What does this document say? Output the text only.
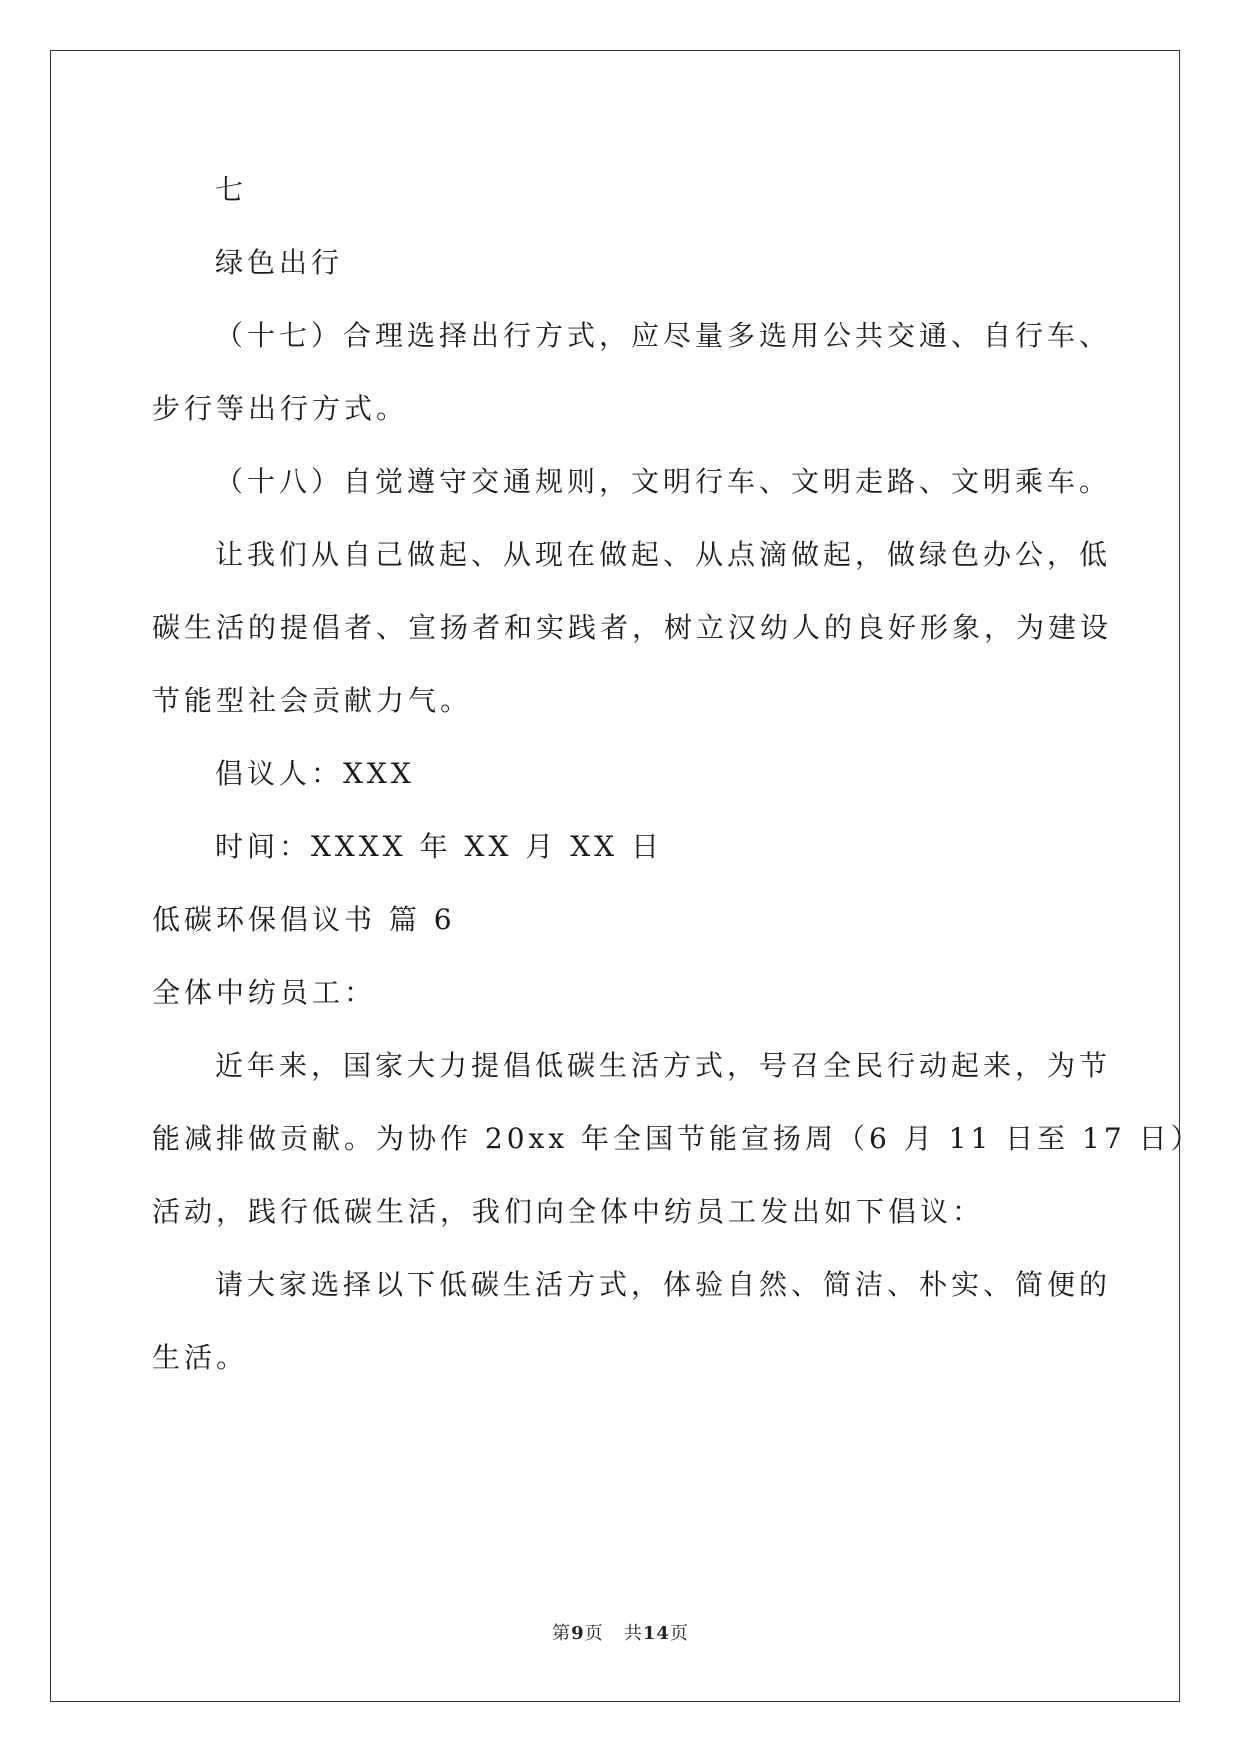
七
绿色出行
（十七）合理选择出行方式，应尽量多选用公共交通、自行车、
步行等出行方式。
（十八）自觉遵守交通规则，文明行车、文明走路、文明乘车。
让我们从自己做起、从现在做起、从点滴做起，做绿色办公，低
碳生活的提倡者、宣扬者和实践者，树立汉幼人的良好形象，为建设
节能型社会贡献力气。
倡议人：XXX
时间：XXXX 年 XX 月 XX 日
低碳环保倡议书 篇 6
全体中纺员工：
近年来，国家大力提倡低碳生活方式，号召全民行动起来，为节
能减排做贡献。为协作 20xx 年全国节能宣扬周（6 月 11 日至 17 日）
活动，践行低碳生活，我们向全体中纺员工发出如下倡议：
请大家选择以下低碳生活方式，体验自然、简洁、朴实、简便的
生活。
第9页 共14页
